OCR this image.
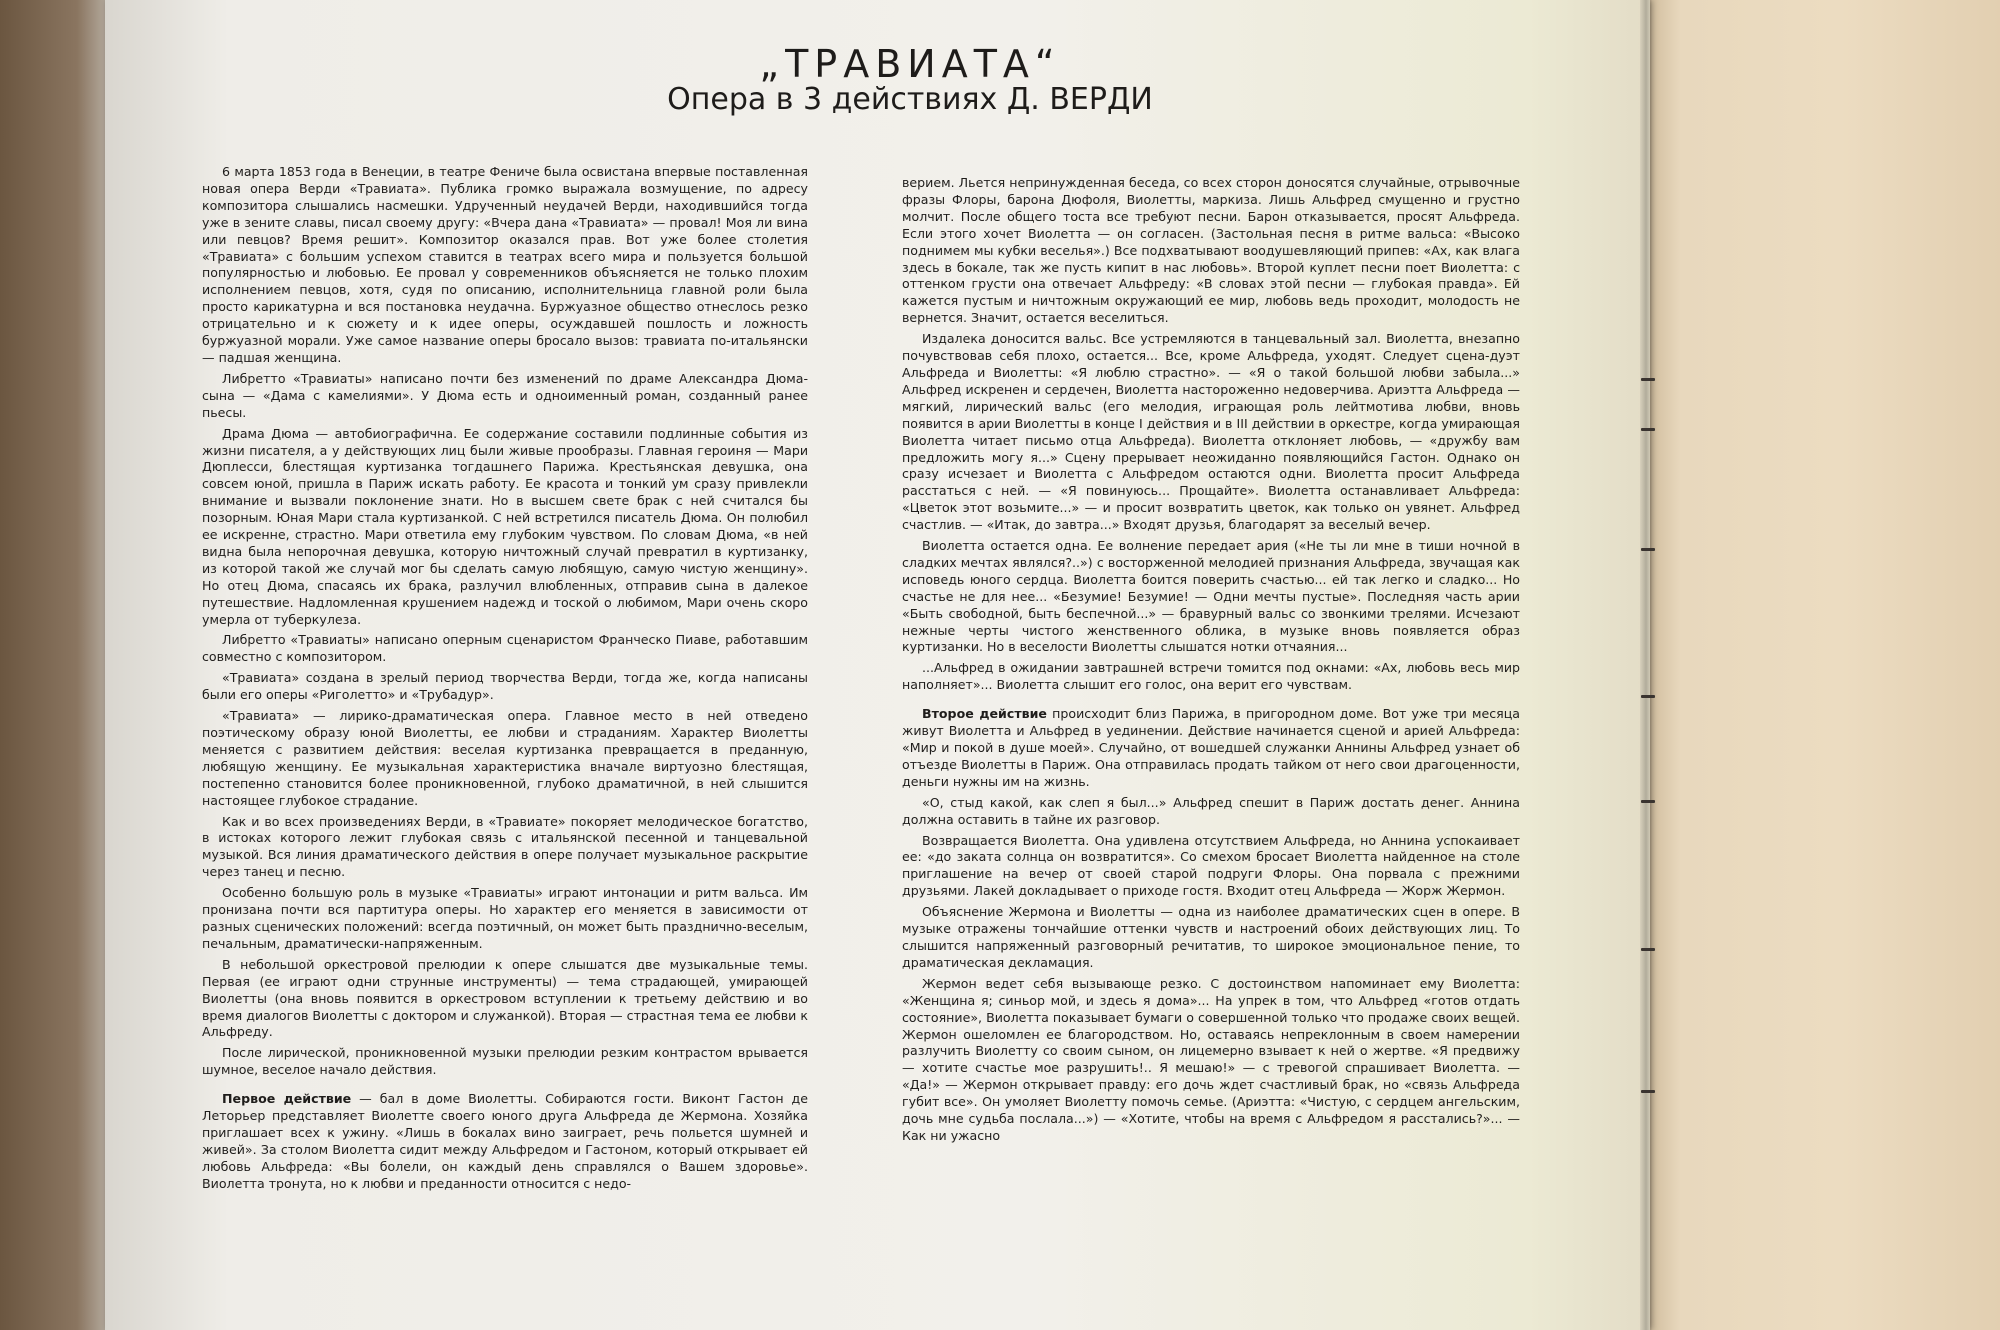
„ТРАВИАТА“
Опера в 3 действиях Д. ВЕРДИ

6 марта 1853 года в Венеции, в театре Фениче была освистана впервые поставленная новая опера Верди «Травиата». Публика громко выражала возмущение, по адресу композитора слышались насмешки. Удрученный неудачей Верди, находившийся тогда уже в зените славы, писал своему другу: «Вчера дана «Травиата» — провал! Моя ли вина или певцов? Время решит». Композитор оказался прав. Вот уже более столетия «Травиата» с большим успехом ставится в театрах всего мира и пользуется большой популярностью и любовью. Ее провал у современников объясняется не только плохим исполнением певцов, хотя, судя по описанию, исполнительница главной роли была просто карикатурна и вся постановка неудачна. Буржуазное общество отнеслось резко отрицательно и к сюжету и к идее оперы, осуждавшей пошлость и ложность буржуазной морали. Уже самое название оперы бросало вызов: травиата по-итальянски — падшая женщина.

Либретто «Травиаты» написано почти без изменений по драме Александра Дюма-сына — «Дама с камелиями». У Дюма есть и одноименный роман, созданный ранее пьесы.

Драма Дюма — автобиографична. Ее содержание составили подлинные события из жизни писателя, а у действующих лиц были живые прообразы. Главная героиня — Мари Дюплесси, блестящая куртизанка тогдашнего Парижа. Крестьянская девушка, она совсем юной, пришла в Париж искать работу. Ее красота и тонкий ум сразу привлекли внимание и вызвали поклонение знати. Но в высшем свете брак с ней считался бы позорным. Юная Мари стала куртизанкой. С ней встретился писатель Дюма. Он полюбил ее искренне, страстно. Мари ответила ему глубоким чувством. По словам Дюма, «в ней видна была непорочная девушка, которую ничтожный случай превратил в куртизанку, из которой такой же случай мог бы сделать самую любящую, самую чистую женщину». Но отец Дюма, спасаясь их брака, разлучил влюбленных, отправив сына в далекое путешествие. Надломленная крушением надежд и тоской о любимом, Мари очень скоро умерла от туберкулеза.

Либретто «Травиаты» написано оперным сценаристом Франческо Пиаве, работавшим совместно с композитором.

«Травиата» создана в зрелый период творчества Верди, тогда же, когда написаны были его оперы «Риголетто» и «Трубадур».

«Травиата» — лирико-драматическая опера. Главное место в ней отведено поэтическому образу юной Виолетты, ее любви и страданиям. Характер Виолетты меняется с развитием действия: веселая куртизанка превращается в преданную, любящую женщину. Ее музыкальная характеристика вначале виртуозно блестящая, постепенно становится более проникновенной, глубоко драматичной, в ней слышится настоящее глубокое страдание.

Как и во всех произведениях Верди, в «Травиате» покоряет мелодическое богатство, в истоках которого лежит глубокая связь с итальянской песенной и танцевальной музыкой. Вся линия драматического действия в опере получает музыкальное раскрытие через танец и песню.

Особенно большую роль в музыке «Травиаты» играют интонации и ритм вальса. Им пронизана почти вся партитура оперы. Но характер его меняется в зависимости от разных сценических положений: всегда поэтичный, он может быть празднично-веселым, печальным, драматически-напряженным.

В небольшой оркестровой прелюдии к опере слышатся две музыкальные темы. Первая (ее играют одни струнные инструменты) — тема страдающей, умирающей Виолетты (она вновь появится в оркестровом вступлении к третьему действию и во время диалогов Виолетты с доктором и служанкой). Вторая — страстная тема ее любви к Альфреду.

После лирической, проникновенной музыки прелюдии резким контрастом врывается шумное, веселое начало действия.

Первое действие — бал в доме Виолетты. Собираются гости. Виконт Гастон де Леторьер представляет Виолетте своего юного друга Альфреда де Жермона. Хозяйка приглашает всех к ужину. «Лишь в бокалах вино заиграет, речь польется шумней и живей». За столом Виолетта сидит между Альфредом и Гастоном, который открывает ей любовь Альфреда: «Вы болели, он каждый день справлялся о Вашем здоровье». Виолетта тронута, но к любви и преданности относится с недо-

верием. Льется непринужденная беседа, со всех сторон доносятся случайные, отрывочные фразы Флоры, барона Дюфоля, Виолетты, маркиза. Лишь Альфред смущенно и грустно молчит. После общего тоста все требуют песни. Барон отказывается, просят Альфреда. Если этого хочет Виолетта — он согласен. (Застольная песня в ритме вальса: «Высоко поднимем мы кубки веселья».) Все подхватывают воодушевляющий припев: «Ах, как влага здесь в бокале, так же пусть кипит в нас любовь». Второй куплет песни поет Виолетта: с оттенком грусти она отвечает Альфреду: «В словах этой песни — глубокая правда». Ей кажется пустым и ничтожным окружающий ее мир, любовь ведь проходит, молодость не вернется. Значит, остается веселиться.

Издалека доносится вальс. Все устремляются в танцевальный зал. Виолетта, внезапно почувствовав себя плохо, остается... Все, кроме Альфреда, уходят. Следует сцена-дуэт Альфреда и Виолетты: «Я люблю страстно». — «Я о такой большой любви забыла...» Альфред искренен и сердечен, Виолетта настороженно недоверчива. Ариэтта Альфреда — мягкий, лирический вальс (его мелодия, играющая роль лейтмотива любви, вновь появится в арии Виолетты в конце I действия и в III действии в оркестре, когда умирающая Виолетта читает письмо отца Альфреда). Виолетта отклоняет любовь, — «дружбу вам предложить могу я...» Сцену прерывает неожиданно появляющийся Гастон. Однако он сразу исчезает и Виолетта с Альфредом остаются одни. Виолетта просит Альфреда расстаться с ней. — «Я повинуюсь... Прощайте». Виолетта останавливает Альфреда: «Цветок этот возьмите...» — и просит возвратить цветок, как только он увянет. Альфред счастлив. — «Итак, до завтра...» Входят друзья, благодарят за веселый вечер.

Виолетта остается одна. Ее волнение передает ария («Не ты ли мне в тиши ночной в сладких мечтах являлся?..») с восторженной мелодией признания Альфреда, звучащая как исповедь юного сердца. Виолетта боится поверить счастью... ей так легко и сладко... Но счастье не для нее... «Безумие! Безумие! — Одни мечты пустые». Последняя часть арии «Быть свободной, быть беспечной...» — бравурный вальс со звонкими трелями. Исчезают нежные черты чистого женственного облика, в музыке вновь появляется образ куртизанки. Но в веселости Виолетты слышатся нотки отчаяния...

...Альфред в ожидании завтрашней встречи томится под окнами: «Ах, любовь весь мир наполняет»... Виолетта слышит его голос, она верит его чувствам.

Второе действие происходит близ Парижа, в пригородном доме. Вот уже три месяца живут Виолетта и Альфред в уединении. Действие начинается сценой и арией Альфреда: «Мир и покой в душе моей». Случайно, от вошедшей служанки Аннины Альфред узнает об отъезде Виолетты в Париж. Она отправилась продать тайком от него свои драгоценности, деньги нужны им на жизнь.

«О, стыд какой, как слеп я был...» Альфред спешит в Париж достать денег. Аннина должна оставить в тайне их разговор.

Возвращается Виолетта. Она удивлена отсутствием Альфреда, но Аннина успокаивает ее: «до заката солнца он возвратится». Со смехом бросает Виолетта найденное на столе приглашение на вечер от своей старой подруги Флоры. Она порвала с прежними друзьями. Лакей докладывает о приходе гостя. Входит отец Альфреда — Жорж Жермон.

Объяснение Жермона и Виолетты — одна из наиболее драматических сцен в опере. В музыке отражены тончайшие оттенки чувств и настроений обоих действующих лиц. То слышится напряженный разговорный речитатив, то широкое эмоциональное пение, то драматическая декламация.

Жермон ведет себя вызывающе резко. С достоинством напоминает ему Виолетта: «Женщина я; синьор мой, и здесь я дома»... На упрек в том, что Альфред «готов отдать состояние», Виолетта показывает бумаги о совершенной только что продаже своих вещей. Жермон ошеломлен ее благородством. Но, оставаясь непреклонным в своем намерении разлучить Виолетту со своим сыном, он лицемерно взывает к ней о жертве. «Я предвижу — хотите счастье мое разрушить!.. Я мешаю!» — с тревогой спрашивает Виолетта. — «Да!» — Жермон открывает правду: его дочь ждет счастливый брак, но «связь Альфреда губит все». Он умоляет Виолетту помочь семье. (Ариэтта: «Чистую, с сердцем ангельским, дочь мне судьба послала...») — «Хотите, чтобы на время с Альфредом я расстались?»... — Как ни ужасно
